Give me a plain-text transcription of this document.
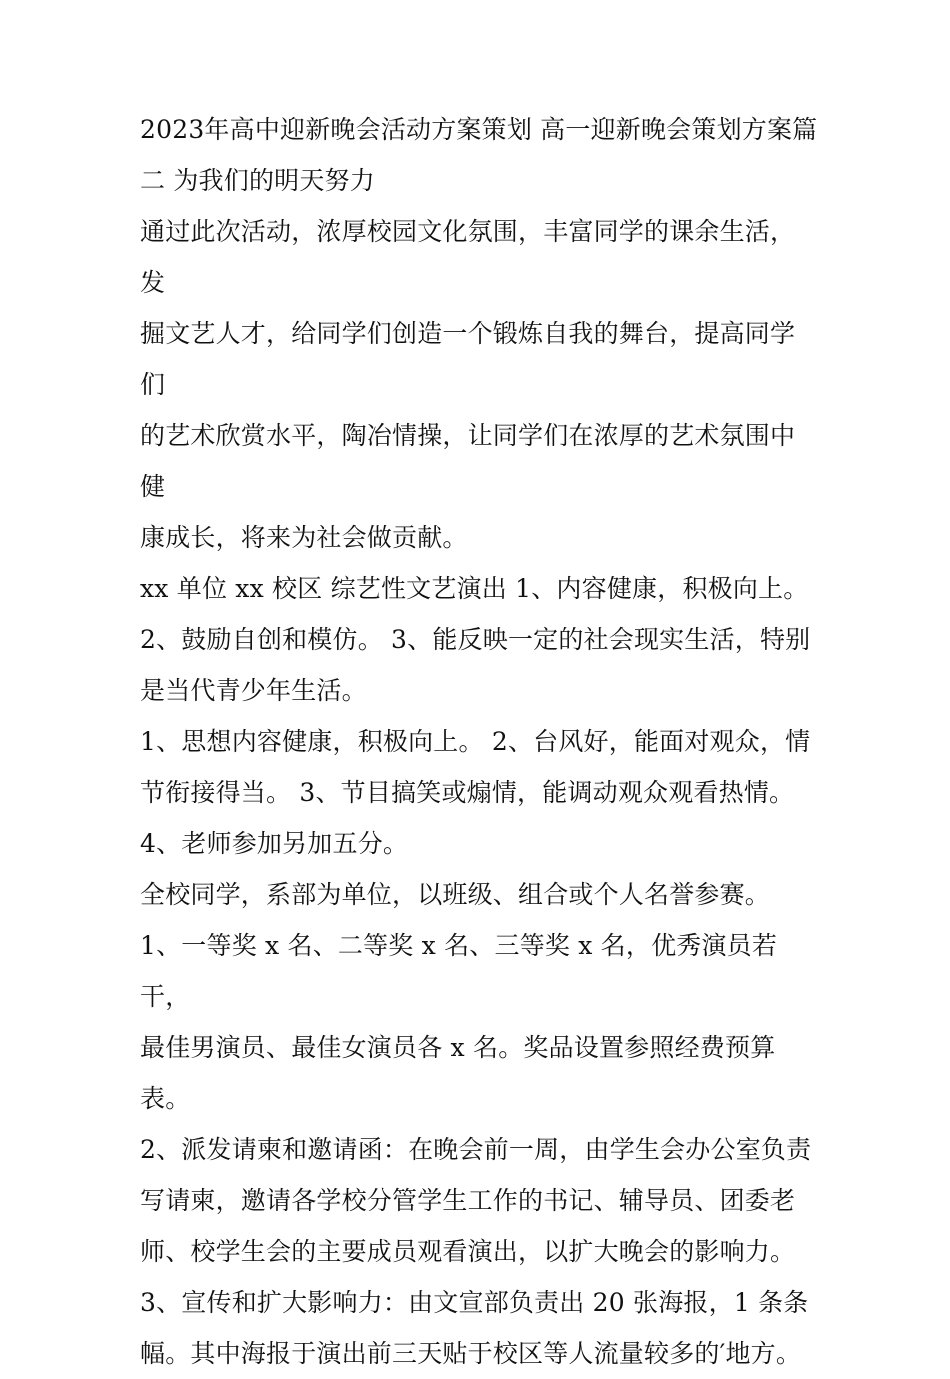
2023年高中迎新晚会活动方案策划 高一迎新晚会策划方案篇

二 为我们的明天努力

通过此次活动，浓厚校园文化氛围，丰富同学的课余生活，发

掘文艺人才，给同学们创造一个锻炼自我的舞台，提高同学们

的艺术欣赏水平，陶冶情操，让同学们在浓厚的艺术氛围中健

康成长，将来为社会做贡献。

xx 单位 xx 校区 综艺性文艺演出 1、内容健康，积极向上。

2、鼓励自创和模仿。 3、能反映一定的社会现实生活，特别

是当代青少年生活。

1、思想内容健康，积极向上。 2、台风好，能面对观众，情

节衔接得当。 3、节目搞笑或煽情，能调动观众观看热情。

4、老师参加另加五分。

全校同学，系部为单位，以班级、组合或个人名誉参赛。

1、一等奖 x 名、二等奖 x 名、三等奖 x 名，优秀演员若干，

最佳男演员、最佳女演员各 x 名。奖品设置参照经费预算表。

2、派发请柬和邀请函：在晚会前一周，由学生会办公室负责

写请柬，邀请各学校分管学生工作的书记、辅导员、团委老

师、校学生会的主要成员观看演出，以扩大晚会的影响力。

3、宣传和扩大影响力：由文宣部负责出 20 张海报，1 条条

幅。其中海报于演出前三天贴于校区等人流量较多的′地方。
